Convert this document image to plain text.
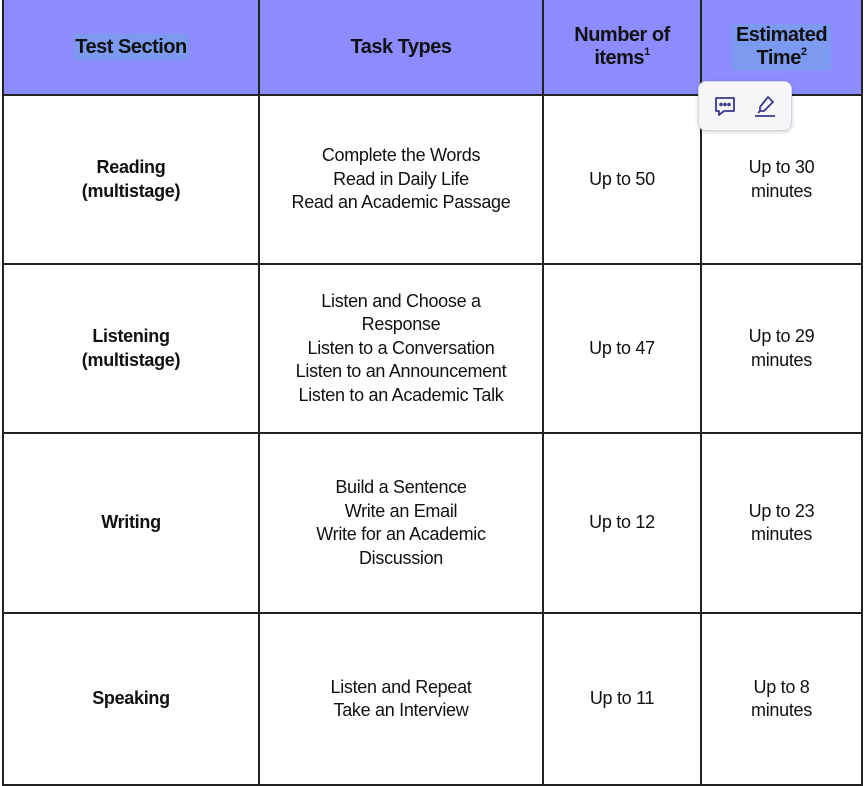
Test Section	Task Types	Number of
items$^1$	Estimated
Time$^2$

Reading
(multistage)	Complete the Words
Read in Daily Life
Read an Academic Passage	Up to 50	Up to 30
minutes

Listening
(multistage)	Listen and Choose a
Response
Listen to a Conversation
Listen to an Announcement
Listen to an Academic Talk	Up to 47	Up to 29
minutes

Writing	Build a Sentence
Write an Email
Write for an Academic
Discussion	Up to 12	Up to 23
minutes

Speaking	Listen and Repeat
Take an Interview	Up to 11	Up to 8
minutes
